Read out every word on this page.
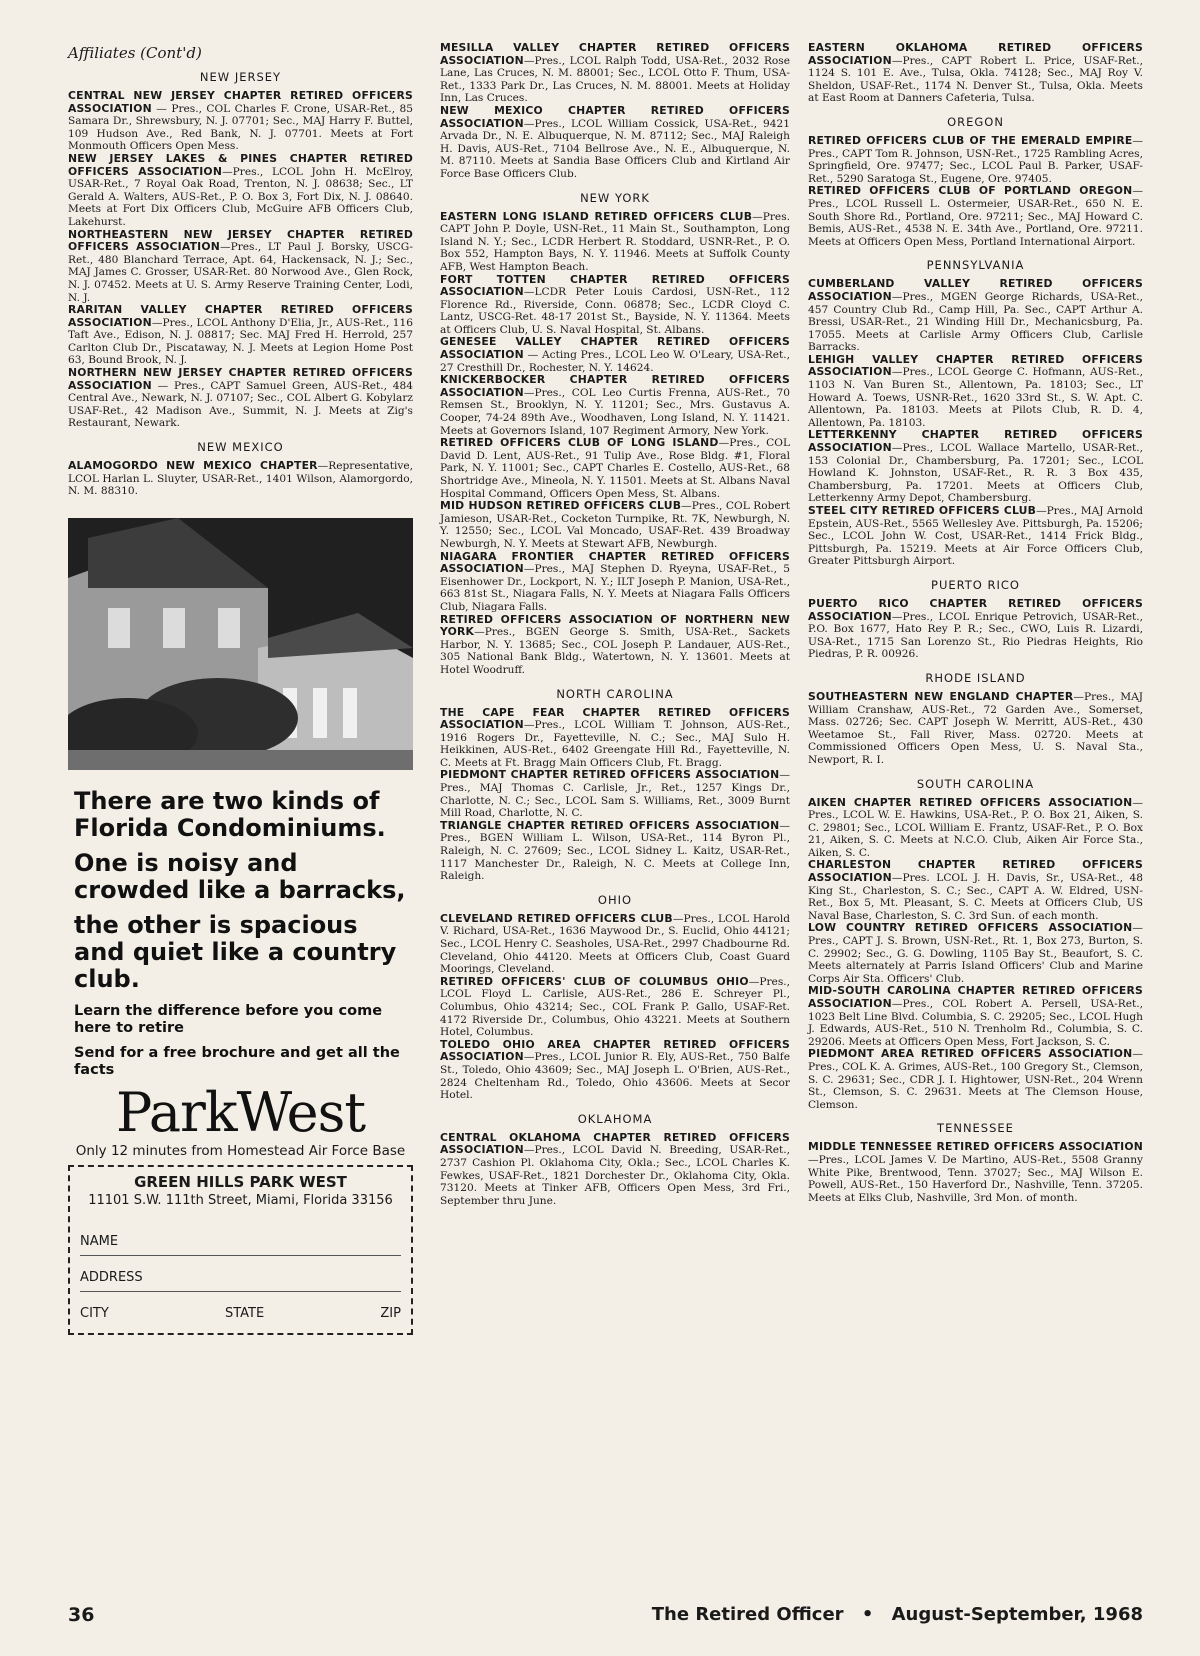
Affiliates (Cont'd)
NEW JERSEY

CENTRAL NEW JERSEY CHAPTER RETIRED OFFICERS ASSOCIATION — Pres., COL Charles F. Crone, USAR-Ret., 85 Samara Dr., Shrewsbury, N. J. 07701; Sec., MAJ Harry F. Buttel, 109 Hudson Ave., Red Bank, N. J. 07701. Meets at Fort Monmouth Officers Open Mess.

NEW JERSEY LAKES & PINES CHAPTER RETIRED OFFICERS ASSOCIATION—Pres., LCOL John H. McElroy, USAR-Ret., 7 Royal Oak Road, Trenton, N. J. 08638; Sec., LT Gerald A. Walters, AUS-Ret., P. O. Box 3, Fort Dix, N. J. 08640. Meets at Fort Dix Officers Club, McGuire AFB Officers Club, Lakehurst.

NORTHEASTERN NEW JERSEY CHAPTER RETIRED OFFICERS ASSOCIATION—Pres., LT Paul J. Borsky, USCG-Ret., 480 Blanchard Terrace, Apt. 64, Hackensack, N. J.; Sec., MAJ James C. Grosser, USAR-Ret. 80 Norwood Ave., Glen Rock, N. J. 07452. Meets at U. S. Army Reserve Training Center, Lodi, N. J.

RARITAN VALLEY CHAPTER RETIRED OFFICERS ASSOCIATION—Pres., LCOL Anthony D'Elia, Jr., AUS-Ret., 116 Taft Ave., Edison, N. J. 08817; Sec. MAJ Fred H. Herrold, 257 Carlton Club Dr., Piscataway, N. J. Meets at Legion Home Post 63, Bound Brook, N. J.

NORTHERN NEW JERSEY CHAPTER RETIRED OFFICERS ASSOCIATION — Pres., CAPT Samuel Green, AUS-Ret., 484 Central Ave., Newark, N. J. 07107; Sec., COL Albert G. Kobylarz USAF-Ret., 42 Madison Ave., Summit, N. J. Meets at Zig's Restaurant, Newark.

NEW MEXICO

ALAMOGORDO NEW MEXICO CHAPTER—Representative, LCOL Harlan L. Sluyter, USAR-Ret., 1401 Wilson, Alamorgordo, N. M. 88310.

There are two kinds of Florida Condominiums.
One is noisy and crowded like a barracks,
the other is spacious and quiet like a country club.
Learn the difference before you come here to retire
Send for a free brochure and get all the facts
ParkWest
Only 12 minutes from Homestead Air Force Base
GREEN HILLS PARK WEST
11101 S.W. 111th Street, Miami, Florida 33156
NAME
ADDRESS
CITY	STATE	ZIP

MESILLA VALLEY CHAPTER RETIRED OFFICERS ASSOCIATION—Pres., LCOL Ralph Todd, USA-Ret., 2032 Rose Lane, Las Cruces, N. M. 88001; Sec., LCOL Otto F. Thum, USA-Ret., 1333 Park Dr., Las Cruces, N. M. 88001. Meets at Holiday Inn, Las Cruces.

NEW MEXICO CHAPTER RETIRED OFFICERS ASSOCIATION—Pres., LCOL William Cossick, USA-Ret., 9421 Arvada Dr., N. E. Albuquerque, N. M. 87112; Sec., MAJ Raleigh H. Davis, AUS-Ret., 7104 Bellrose Ave., N. E., Albuquerque, N. M. 87110. Meets at Sandia Base Officers Club and Kirtland Air Force Base Officers Club.

NEW YORK

EASTERN LONG ISLAND RETIRED OFFICERS CLUB—Pres. CAPT John P. Doyle, USN-Ret., 11 Main St., Southampton, Long Island N. Y.; Sec., LCDR Herbert R. Stoddard, USNR-Ret., P. O. Box 552, Hampton Bays, N. Y. 11946. Meets at Suffolk County AFB, West Hampton Beach.

FORT TOTTEN CHAPTER RETIRED OFFICERS ASSOCIATION—LCDR Peter Louis Cardosi, USN-Ret., 112 Florence Rd., Riverside, Conn. 06878; Sec., LCDR Cloyd C. Lantz, USCG-Ret. 48-17 201st St., Bayside, N. Y. 11364. Meets at Officers Club, U. S. Naval Hospital, St. Albans.

GENESEE VALLEY CHAPTER RETIRED OFFICERS ASSOCIATION — Acting Pres., LCOL Leo W. O'Leary, USA-Ret., 27 Cresthill Dr., Rochester, N. Y. 14624.

KNICKERBOCKER CHAPTER RETIRED OFFICERS ASSOCIATION—Pres., COL Leo Curtis Frenna, AUS-Ret., 70 Remsen St., Brooklyn, N. Y. 11201; Sec., Mrs. Gustavus A. Cooper, 74-24 89th Ave., Woodhaven, Long Island, N. Y. 11421. Meets at Governors Island, 107 Regiment Armory, New York.

RETIRED OFFICERS CLUB OF LONG ISLAND—Pres., COL David D. Lent, AUS-Ret., 91 Tulip Ave., Rose Bldg. #1, Floral Park, N. Y. 11001; Sec., CAPT Charles E. Costello, AUS-Ret., 68 Shortridge Ave., Mineola, N. Y. 11501. Meets at St. Albans Naval Hospital Command, Officers Open Mess, St. Albans.

MID HUDSON RETIRED OFFICERS CLUB—Pres., COL Robert Jamieson, USAR-Ret., Cocketon Turnpike, Rt. 7K, Newburgh, N. Y. 12550; Sec., LCOL Val Moncado, USAF-Ret. 439 Broadway Newburgh, N. Y. Meets at Stewart AFB, Newburgh.

NIAGARA FRONTIER CHAPTER RETIRED OFFICERS ASSOCIATION—Pres., MAJ Stephen D. Ryeyna, USAF-Ret., 5 Eisenhower Dr., Lockport, N. Y.; ILT Joseph P. Manion, USA-Ret., 663 81st St., Niagara Falls, N. Y. Meets at Niagara Falls Officers Club, Niagara Falls.

RETIRED OFFICERS ASSOCIATION OF NORTHERN NEW YORK—Pres., BGEN George S. Smith, USA-Ret., Sackets Harbor, N. Y. 13685; Sec., COL Joseph P. Landauer, AUS-Ret., 305 National Bank Bldg., Watertown, N. Y. 13601. Meets at Hotel Woodruff.

NORTH CAROLINA

THE CAPE FEAR CHAPTER RETIRED OFFICERS ASSOCIATION—Pres., LCOL William T. Johnson, AUS-Ret., 1916 Rogers Dr., Fayetteville, N. C.; Sec., MAJ Sulo H. Heikkinen, AUS-Ret., 6402 Greengate Hill Rd., Fayetteville, N. C. Meets at Ft. Bragg Main Officers Club, Ft. Bragg.

PIEDMONT CHAPTER RETIRED OFFICERS ASSOCIATION—Pres., MAJ Thomas C. Carlisle, Jr., Ret., 1257 Kings Dr., Charlotte, N. C.; Sec., LCOL Sam S. Williams, Ret., 3009 Burnt Mill Road, Charlotte, N. C.

TRIANGLE CHAPTER RETIRED OFFICERS ASSOCIATION—Pres., BGEN William L. Wilson, USA-Ret., 114 Byron Pl., Raleigh, N. C. 27609; Sec., LCOL Sidney L. Kaitz, USAR-Ret., 1117 Manchester Dr., Raleigh, N. C. Meets at College Inn, Raleigh.

OHIO

CLEVELAND RETIRED OFFICERS CLUB—Pres., LCOL Harold V. Richard, USA-Ret., 1636 Maywood Dr., S. Euclid, Ohio 44121; Sec., LCOL Henry C. Seasholes, USA-Ret., 2997 Chadbourne Rd. Cleveland, Ohio 44120. Meets at Officers Club, Coast Guard Moorings, Cleveland.

RETIRED OFFICERS' CLUB OF COLUMBUS OHIO—Pres., LCOL Floyd L. Carlisle, AUS-Ret., 286 E. Schreyer Pl., Columbus, Ohio 43214; Sec., COL Frank P. Gallo, USAF-Ret. 4172 Riverside Dr., Columbus, Ohio 43221. Meets at Southern Hotel, Columbus.

TOLEDO OHIO AREA CHAPTER RETIRED OFFICERS ASSOCIATION—Pres., LCOL Junior R. Ely, AUS-Ret., 750 Balfe St., Toledo, Ohio 43609; Sec., MAJ Joseph L. O'Brien, AUS-Ret., 2824 Cheltenham Rd., Toledo, Ohio 43606. Meets at Secor Hotel.

OKLAHOMA

CENTRAL OKLAHOMA CHAPTER RETIRED OFFICERS ASSOCIATION—Pres., LCOL David N. Breeding, USAR-Ret., 2737 Cashion Pl. Oklahoma City, Okla.; Sec., LCOL Charles K. Fewkes, USAF-Ret., 1821 Dorchester Dr., Oklahoma City, Okla. 73120. Meets at Tinker AFB, Officers Open Mess, 3rd Fri., September thru June.

EASTERN OKLAHOMA RETIRED OFFICERS ASSOCIATION—Pres., CAPT Robert L. Price, USAF-Ret., 1124 S. 101 E. Ave., Tulsa, Okla. 74128; Sec., MAJ Roy V. Sheldon, USAF-Ret., 1174 N. Denver St., Tulsa, Okla. Meets at East Room at Danners Cafeteria, Tulsa.

OREGON

RETIRED OFFICERS CLUB OF THE EMERALD EMPIRE—Pres., CAPT Tom R. Johnson, USN-Ret., 1725 Rambling Acres, Springfield, Ore. 97477; Sec., LCOL Paul B. Parker, USAF-Ret., 5290 Saratoga St., Eugene, Ore. 97405.

RETIRED OFFICERS CLUB OF PORTLAND OREGON—Pres., LCOL Russell L. Ostermeier, USAR-Ret., 650 N. E. South Shore Rd., Portland, Ore. 97211; Sec., MAJ Howard C. Bemis, AUS-Ret., 4538 N. E. 34th Ave., Portland, Ore. 97211. Meets at Officers Open Mess, Portland International Airport.

PENNSYLVANIA

CUMBERLAND VALLEY RETIRED OFFICERS ASSOCIATION—Pres., MGEN George Richards, USA-Ret., 457 Country Club Rd., Camp Hill, Pa. Sec., CAPT Arthur A. Bressi, USAR-Ret., 21 Winding Hill Dr., Mechanicsburg, Pa. 17055. Meets at Carlisle Army Officers Club, Carlisle Barracks.

LEHIGH VALLEY CHAPTER RETIRED OFFICERS ASSOCIATION—Pres., LCOL George C. Hofmann, AUS-Ret., 1103 N. Van Buren St., Allentown, Pa. 18103; Sec., LT Howard A. Toews, USNR-Ret., 1620 33rd St., S. W. Apt. C. Allentown, Pa. 18103. Meets at Pilots Club, R. D. 4, Allentown, Pa. 18103.

LETTERKENNY CHAPTER RETIRED OFFICERS ASSOCIATION—Pres., LCOL Wallace Martello, USAR-Ret., 153 Colonial Dr., Chambersburg, Pa. 17201; Sec., LCOL Howland K. Johnston, USAF-Ret., R. R. 3 Box 435, Chambersburg, Pa. 17201. Meets at Officers Club, Letterkenny Army Depot, Chambersburg.

STEEL CITY RETIRED OFFICERS CLUB—Pres., MAJ Arnold Epstein, AUS-Ret., 5565 Wellesley Ave. Pittsburgh, Pa. 15206; Sec., LCOL John W. Cost, USAR-Ret., 1414 Frick Bldg., Pittsburgh, Pa. 15219. Meets at Air Force Officers Club, Greater Pittsburgh Airport.

PUERTO RICO

PUERTO RICO CHAPTER RETIRED OFFICERS ASSOCIATION—Pres., LCOL Enrique Petrovich, USAR-Ret., P.O. Box 1677, Hato Rey P. R.; Sec., CWO, Luis R. Lizardi, USA-Ret., 1715 San Lorenzo St., Rio Piedras Heights, Rio Piedras, P. R. 00926.

RHODE ISLAND

SOUTHEASTERN NEW ENGLAND CHAPTER—Pres., MAJ William Cranshaw, AUS-Ret., 72 Garden Ave., Somerset, Mass. 02726; Sec. CAPT Joseph W. Merritt, AUS-Ret., 430 Weetamoe St., Fall River, Mass. 02720. Meets at Commissioned Officers Open Mess, U. S. Naval Sta., Newport, R. I.

SOUTH CAROLINA

AIKEN CHAPTER RETIRED OFFICERS ASSOCIATION—Pres., LCOL W. E. Hawkins, USA-Ret., P. O. Box 21, Aiken, S. C. 29801; Sec., LCOL William E. Frantz, USAF-Ret., P. O. Box 21, Aiken, S. C. Meets at N.C.O. Club, Aiken Air Force Sta., Aiken, S. C.

CHARLESTON CHAPTER RETIRED OFFICERS ASSOCIATION—Pres. LCOL J. H. Davis, Sr., USA-Ret., 48 King St., Charleston, S. C.; Sec., CAPT A. W. Eldred, USN-Ret., Box 5, Mt. Pleasant, S. C. Meets at Officers Club, US Naval Base, Charleston, S. C. 3rd Sun. of each month.

LOW COUNTRY RETIRED OFFICERS ASSOCIATION—Pres., CAPT J. S. Brown, USN-Ret., Rt. 1, Box 273, Burton, S. C. 29902; Sec., G. G. Dowling, 1105 Bay St., Beaufort, S. C. Meets alternately at Parris Island Officers' Club and Marine Corps Air Sta. Officers' Club.

MID-SOUTH CAROLINA CHAPTER RETIRED OFFICERS ASSOCIATION—Pres., COL Robert A. Persell, USA-Ret., 1023 Belt Line Blvd. Columbia, S. C. 29205; Sec., LCOL Hugh J. Edwards, AUS-Ret., 510 N. Trenholm Rd., Columbia, S. C. 29206. Meets at Officers Open Mess, Fort Jackson, S. C.

PIEDMONT AREA RETIRED OFFICERS ASSOCIATION—Pres., COL K. A. Grimes, AUS-Ret., 100 Gregory St., Clemson, S. C. 29631; Sec., CDR J. I. Hightower, USN-Ret., 204 Wrenn St., Clemson, S. C. 29631. Meets at The Clemson House, Clemson.

TENNESSEE

MIDDLE TENNESSEE RETIRED OFFICERS ASSOCIATION—Pres., LCOL James V. De Martino, AUS-Ret., 5508 Granny White Pike, Brentwood, Tenn. 37027; Sec., MAJ Wilson E. Powell, AUS-Ret., 150 Haverford Dr., Nashville, Tenn. 37205. Meets at Elks Club, Nashville, 3rd Mon. of month.

36	The Retired Officer • August-September, 1968
